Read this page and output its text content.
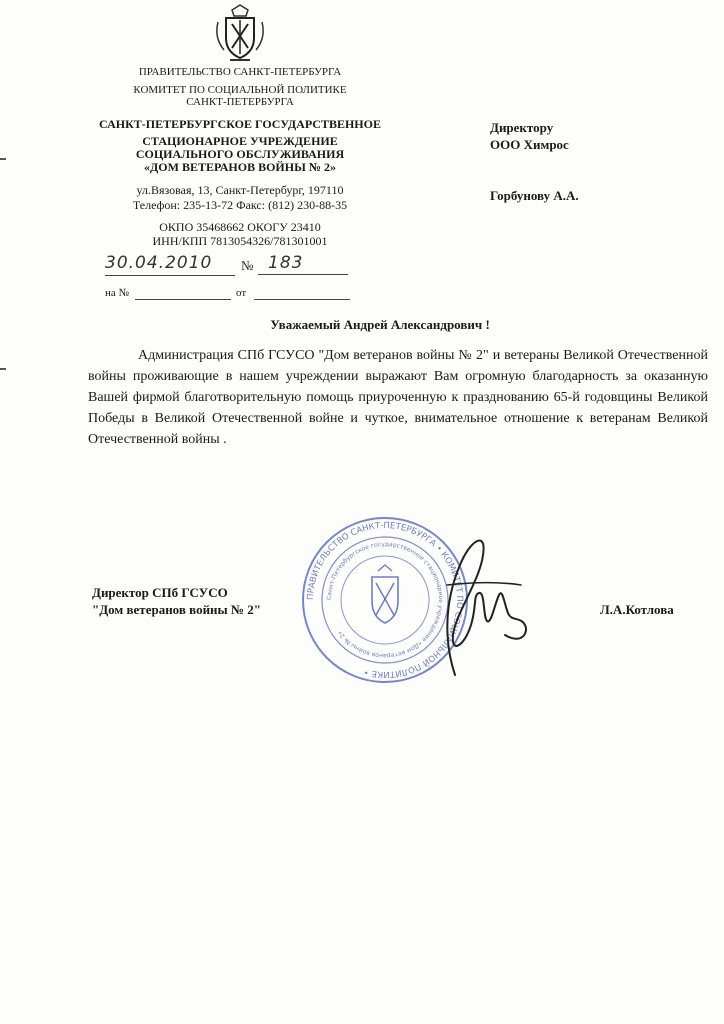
ПРАВИТЕЛЬСТВО САНКТ-ПЕТЕРБУРГА
КОМИТЕТ ПО СОЦИАЛЬНОЙ ПОЛИТИКЕ
САНКТ-ПЕТЕРБУРГА
САНКТ-ПЕТЕРБУРГСКОЕ ГОСУДАРСТВЕННОЕ
СТАЦИОНАРНОЕ УЧРЕЖДЕНИЕ
СОЦИАЛЬНОГО ОБСЛУЖИВАНИЯ
«ДОМ ВЕТЕРАНОВ ВОЙНЫ № 2»
ул.Вязовая, 13, Санкт-Петербург, 197110
Телефон: 235-13-72 Факс: (812) 230-88-35
ОКПО 35468662 ОКОГУ 23410
ИНН/КПП 7813054326/781301001
30.04.2010	№ 183
на №	от
Директору
ООО Химрос
Горбунову А.А.
Уважаемый Андрей Александрович !

Администрация СПб ГСУСО "Дом ветеранов войны № 2" и ветераны Великой Отечественной войны проживающие в нашем учреждении выражают Вам огромную благодарность за оказанную Вашей фирмой благотворительную помощь приуроченную к празднованию 65-й годовщины Великой Победы в Великой Отечественной войне и чуткое, внимательное отношение к ветеранам Великой Отечественной войны .

Директор СПб ГСУСО
"Дом ветеранов войны № 2"	Л.А.Котлова
ПРАВИТЕЛЬСТВО САНКТ-ПЕТЕРБУРГА • КОМИТЕТ ПО СОЦИАЛЬНОЙ ПОЛИТИКЕ •
Санкт-Петербургское государственное стационарное учреждение «Дом ветеранов войны № 2»
